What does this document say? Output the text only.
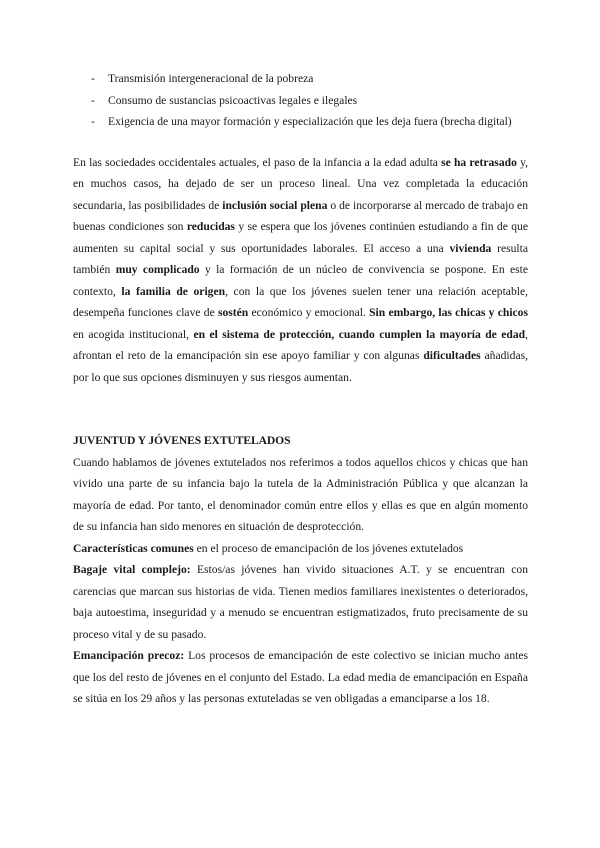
- Transmisión intergeneracional de la pobreza
- Consumo de sustancias psicoactivas legales e ilegales
- Exigencia de una mayor formación y especialización que les deja fuera (brecha digital)

En las sociedades occidentales actuales, el paso de la infancia a la edad adulta se ha retrasado y, en muchos casos, ha dejado de ser un proceso lineal. Una vez completada la educación secundaria, las posibilidades de inclusión social plena o de incorporarse al mercado de trabajo en buenas condiciones son reducidas y se espera que los jóvenes continúen estudiando a fin de que aumenten su capital social y sus oportunidades laborales. El acceso a una vivienda resulta también muy complicado y la formación de un núcleo de convivencia se pospone. En este contexto, la familia de origen, con la que los jóvenes suelen tener una relación aceptable, desempeña funciones clave de sostén económico y emocional. Sin embargo, las chicas y chicos en acogida institucional, en el sistema de protección, cuando cumplen la mayoría de edad, afrontan el reto de la emancipación sin ese apoyo familiar y con algunas dificultades añadidas, por lo que sus opciones disminuyen y sus riesgos aumentan.

JUVENTUD Y JÓVENES EXTUTELADOS

Cuando hablamos de jóvenes extutelados nos referimos a todos aquellos chicos y chicas que han vivido una parte de su infancia bajo la tutela de la Administración Pública y que alcanzan la mayoría de edad. Por tanto, el denominador común entre ellos y ellas es que en algún momento de su infancia han sido menores en situación de desprotección.

Características comunes en el proceso de emancipación de los jóvenes extutelados

Bagaje vital complejo: Estos/as jóvenes han vivido situaciones A.T. y se encuentran con carencias que marcan sus historias de vida. Tienen medios familiares inexistentes o deteriorados, baja autoestima, inseguridad y a menudo se encuentran estigmatizados, fruto precisamente de su proceso vital y de su pasado.

Emancipación precoz: Los procesos de emancipación de este colectivo se inician mucho antes que los del resto de jóvenes en el conjunto del Estado. La edad media de emancipación en España se sitúa en los 29 años y las personas extuteladas se ven obligadas a emanciparse a los 18.
